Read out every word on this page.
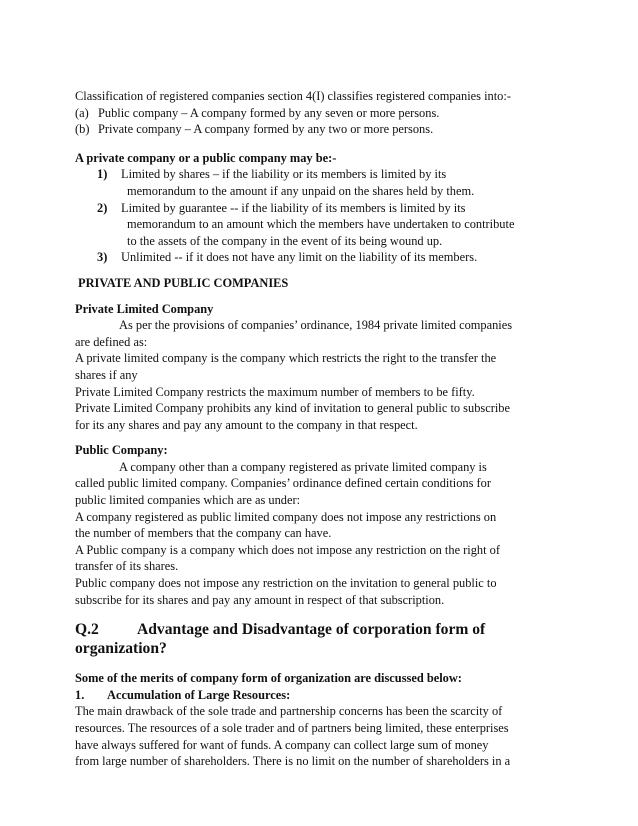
Classification of registered companies section 4(I) classifies registered companies into:-

(a) Public company – A company formed by any seven or more persons.
(b) Private company – A company formed by any two or more persons.

A private company or a public company may be:-

1)	Limited by shares – if the liability or its members is limited by its
memorandum to the amount if any unpaid on the shares held by them.
2)	Limited by guarantee -- if the liability of its members is limited by its
memorandum to an amount which the members have undertaken to contribute
to the assets of the company in the event of its being wound up.
3)	Unlimited -- if it does not have any limit on the liability of its members.

PRIVATE AND PUBLIC COMPANIES

Private Limited Company

As per the provisions of companies’ ordinance, 1984 private limited companies

are defined as:

A private limited company is the company which restricts the right to the transfer the

shares if any

Private Limited Company restricts the maximum number of members to be fifty.

Private Limited Company prohibits any kind of invitation to general public to subscribe

for its any shares and pay any amount to the company in that respect.

Public Company:

A company other than a company registered as private limited company is

called public limited company. Companies’ ordinance defined certain conditions for

public limited companies which are as under:

A company registered as public limited company does not impose any restrictions on

the number of members that the company can have.

A Public company is a company which does not impose any restriction on the right of

transfer of its shares.

Public company does not impose any restriction on the invitation to general public to

subscribe for its shares and pay any amount in respect of that subscription.

Q.2	Advantage and Disadvantage of corporation form of
organization?

Some of the merits of company form of organization are discussed below:

1.	Accumulation of Large Resources:

The main drawback of the sole trade and partnership concerns has been the scarcity of

resources. The resources of a sole trader and of partners being limited, these enterprises

have always suffered for want of funds. A company can collect large sum of money

from large number of shareholders. There is no limit on the number of shareholders in a
